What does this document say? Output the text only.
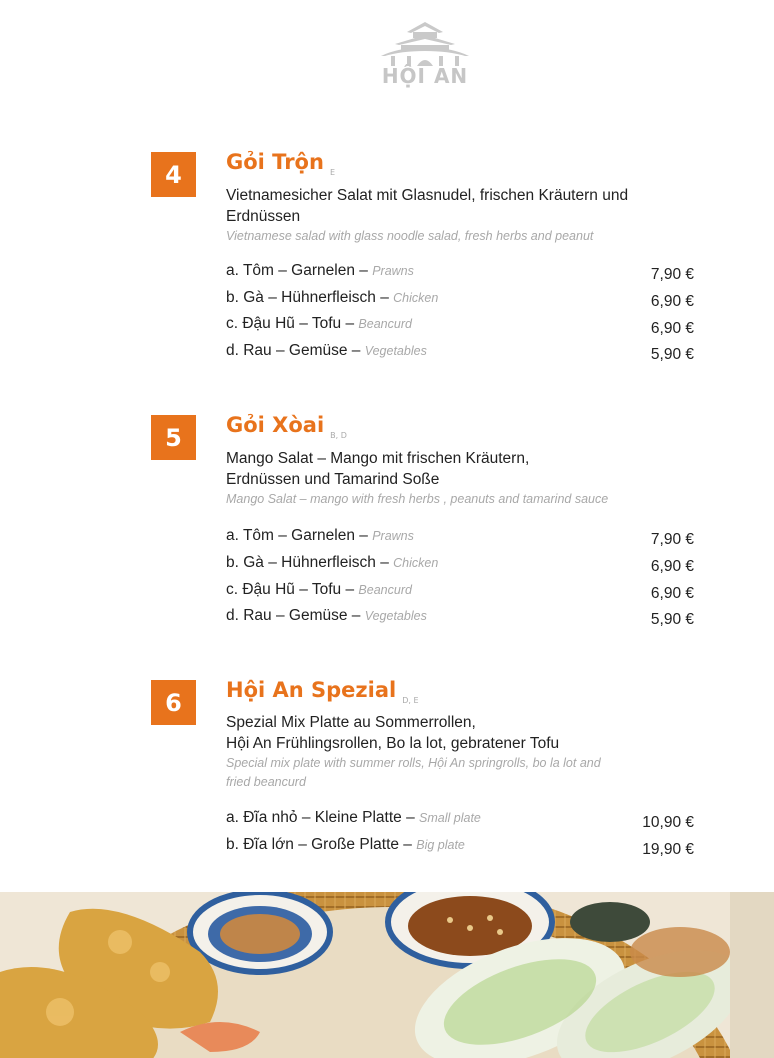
HỘI AN
4	Gỏi Trộn $_E$
Vietnamesicher Salat mit Glasnudel, frischen Kräutern und Erdnüssen
Vietnamese salad with glass noodle salad, fresh herbs and peanut
a. Tôm – Garnelen – Prawns	7,90 €
b. Gà – Hühnerfleisch – Chicken	6,90 €
c. Đậu Hũ – Tofu – Beancurd	6,90 €
d. Rau – Gemüse – Vegetables	5,90 €
5	Gỏi Xòai $_{B, D}$
Mango Salat – Mango mit frischen Kräutern, Erdnüssen und Tamarind Soße
Mango Salat – mango with fresh herbs , peanuts and tamarind sauce
a. Tôm – Garnelen – Prawns	7,90 €
b. Gà – Hühnerfleisch – Chicken	6,90 €
c. Đậu Hũ – Tofu – Beancurd	6,90 €
d. Rau – Gemüse – Vegetables	5,90 €
6	Hội An Spezial $_{D, E}$
Spezial Mix Platte au Sommerrollen,
Hội An Frühlingsrollen, Bo la lot, gebratener Tofu
Special mix plate with summer rolls, Hội An springrolls, bo la lot and fried beancurd
a. Đĩa nhỏ – Kleine Platte – Small plate	10,90 €
b. Đĩa lớn – Große Platte – Big plate	19,90 €
